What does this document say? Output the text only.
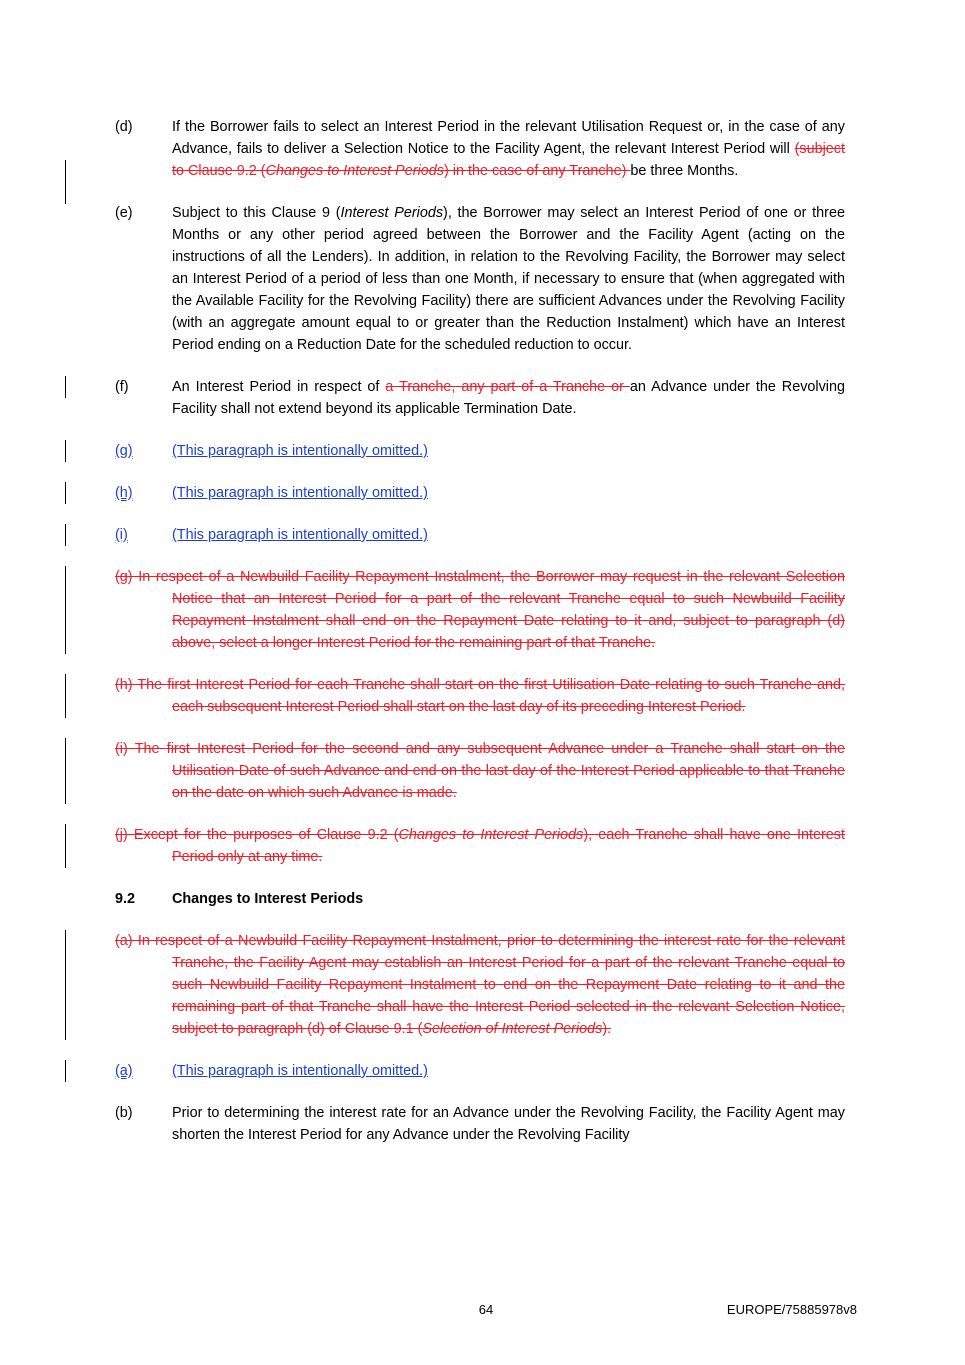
(d)	If the Borrower fails to select an Interest Period in the relevant Utilisation Request or, in the case of any Advance, fails to deliver a Selection Notice to the Facility Agent, the relevant Interest Period will (subject to Clause 9.2 (Changes to Interest Periods) in the case of any Tranche) be three Months.
(e)	Subject to this Clause 9 (Interest Periods), the Borrower may select an Interest Period of one or three Months or any other period agreed between the Borrower and the Facility Agent (acting on the instructions of all the Lenders). In addition, in relation to the Revolving Facility, the Borrower may select an Interest Period of a period of less than one Month, if necessary to ensure that (when aggregated with the Available Facility for the Revolving Facility) there are sufficient Advances under the Revolving Facility (with an aggregate amount equal to or greater than the Reduction Instalment) which have an Interest Period ending on a Reduction Date for the scheduled reduction to occur.
(f)	An Interest Period in respect of a Tranche, any part of a Tranche or an Advance under the Revolving Facility shall not extend beyond its applicable Termination Date.
(g)	(This paragraph is intentionally omitted.)
(h)	(This paragraph is intentionally omitted.)
(i)	(This paragraph is intentionally omitted.)
(g) In respect of a Newbuild Facility Repayment Instalment, the Borrower may request in the relevant Selection Notice that an Interest Period for a part of the relevant Tranche equal to such Newbuild Facility Repayment Instalment shall end on the Repayment Date relating to it and, subject to paragraph (d) above, select a longer Interest Period for the remaining part of that Tranche.
(h) The first Interest Period for each Tranche shall start on the first Utilisation Date relating to such Tranche and, each subsequent Interest Period shall start on the last day of its preceding Interest Period.
(i) The first Interest Period for the second and any subsequent Advance under a Tranche shall start on the Utilisation Date of such Advance and end on the last day of the Interest Period applicable to that Tranche on the date on which such Advance is made.
(j) Except for the purposes of Clause 9.2 (Changes to Interest Periods), each Tranche shall have one Interest Period only at any time.
9.2	Changes to Interest Periods
(a) In respect of a Newbuild Facility Repayment Instalment, prior to determining the interest rate for the relevant Tranche, the Facility Agent may establish an Interest Period for a part of the relevant Tranche equal to such Newbuild Facility Repayment Instalment to end on the Repayment Date relating to it and the remaining part of that Tranche shall have the Interest Period selected in the relevant Selection Notice, subject to paragraph (d) of Clause 9.1 (Selection of Interest Periods).
(a)	(This paragraph is intentionally omitted.)
(b)	Prior to determining the interest rate for an Advance under the Revolving Facility, the Facility Agent may shorten the Interest Period for any Advance under the Revolving Facility
64	EUROPE/75885978v8
